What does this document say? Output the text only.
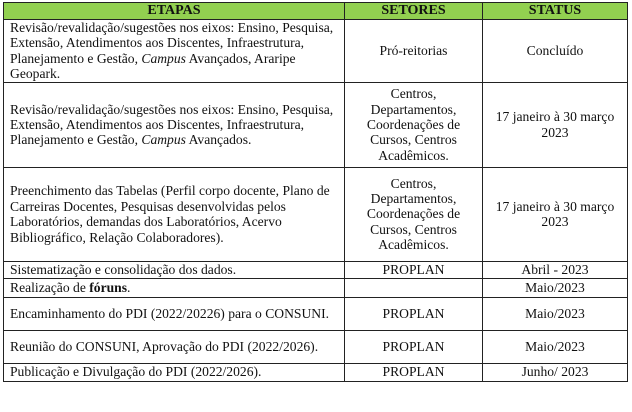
ETAPAS	SETORES	STATUS
Revisão/revalidação/sugestões nos eixos: Ensino, Pesquisa, Extensão, Atendimentos aos Discentes, Infraestrutura, Planejamento e Gestão, Campus Avançados, Araripe Geopark.	Pró-reitorias	Concluído
Revisão/revalidação/sugestões nos eixos: Ensino, Pesquisa, Extensão, Atendimentos aos Discentes, Infraestrutura, Planejamento e Gestão, Campus Avançados.	Centros, Departamentos, Coordenações de Cursos, Centros Acadêmicos.	17 janeiro à 30 março 2023
Preenchimento das Tabelas (Perfil corpo docente, Plano de Carreiras Docentes, Pesquisas desenvolvidas pelos Laboratórios, demandas dos Laboratórios, Acervo Bibliográfico, Relação Colaboradores).	Centros, Departamentos, Coordenações de Cursos, Centros Acadêmicos.	17 janeiro à 30 março 2023
Sistematização e consolidação dos dados.	PROPLAN	Abril - 2023
Realização de fóruns.		Maio/2023
Encaminhamento do PDI (2022/20226) para o CONSUNI.	PROPLAN	Maio/2023
Reunião do CONSUNI, Aprovação do PDI (2022/2026).	PROPLAN	Maio/2023
Publicação e Divulgação do PDI (2022/2026).	PROPLAN	Junho/ 2023
